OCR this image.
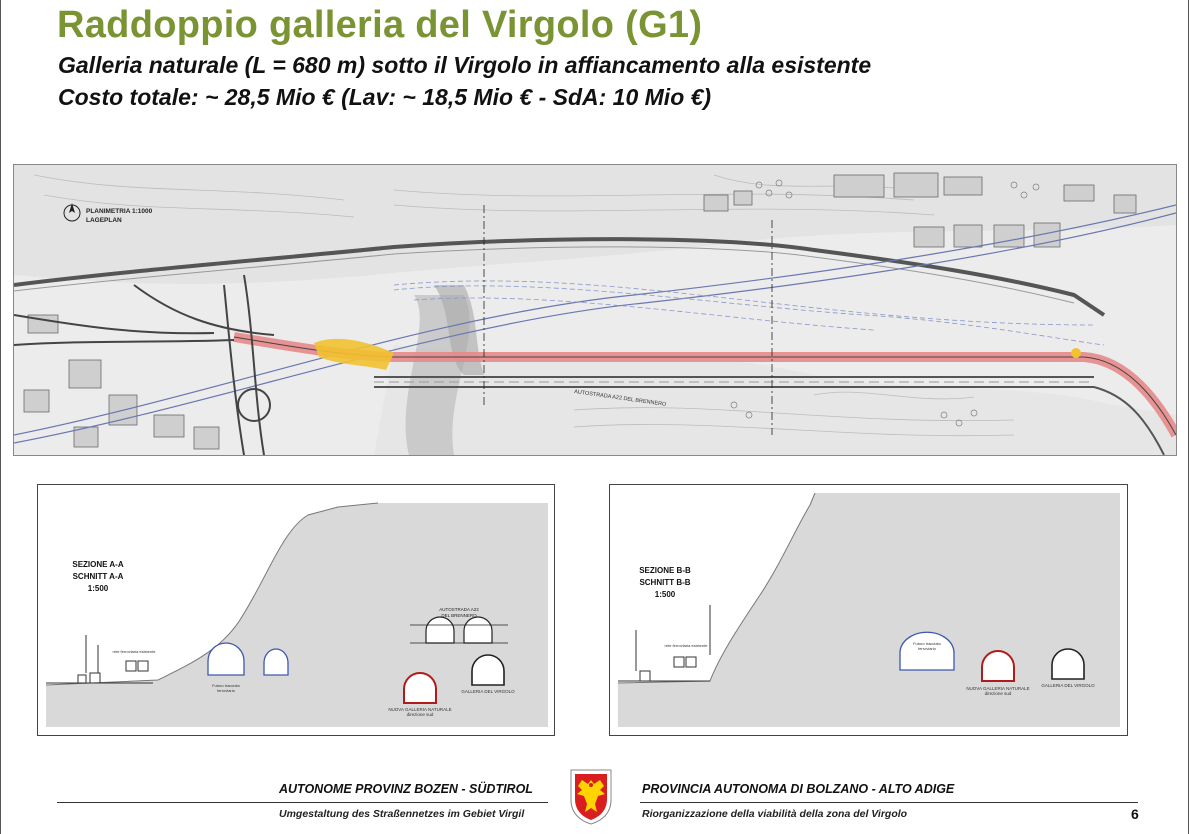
Raddoppio galleria del Virgolo (G1)
Galleria naturale (L = 680 m) sotto il Virgolo in affiancamento alla esistente
Costo totale: ~ 28,5 Mio € (Lav: ~ 18,5 Mio € - SdA: 10 Mio €)
PLANIMETRIA 1:1000
LAGEPLAN
AUTOSTRADA A22 DEL BRENNERO
SEZIONE A-A
SCHNITT A-A
1:500
rete ferroviaria esistente
Futuro tracciato
ferroviario
AUTOSTRADA A22
DEL BRENNERO
NUOVA GALLERIA NATURALE
direzione sud
GALLERIA DEL VIRGOLO
SEZIONE B-B
SCHNITT B-B
1:500
rete ferroviaria esistente	Futuro tracciato
ferroviario
NUOVA GALLERIA NATURALE
direzione sud
GALLERIA DEL VIRGOLO
AUTONOME PROVINZ BOZEN - SÜDTIROL	PROVINCIA AUTONOMA DI BOLZANO - ALTO ADIGE
Umgestaltung des Straßennetzes im Gebiet Virgil	Riorganizzazione della viabilità della zona del Virgolo	6
